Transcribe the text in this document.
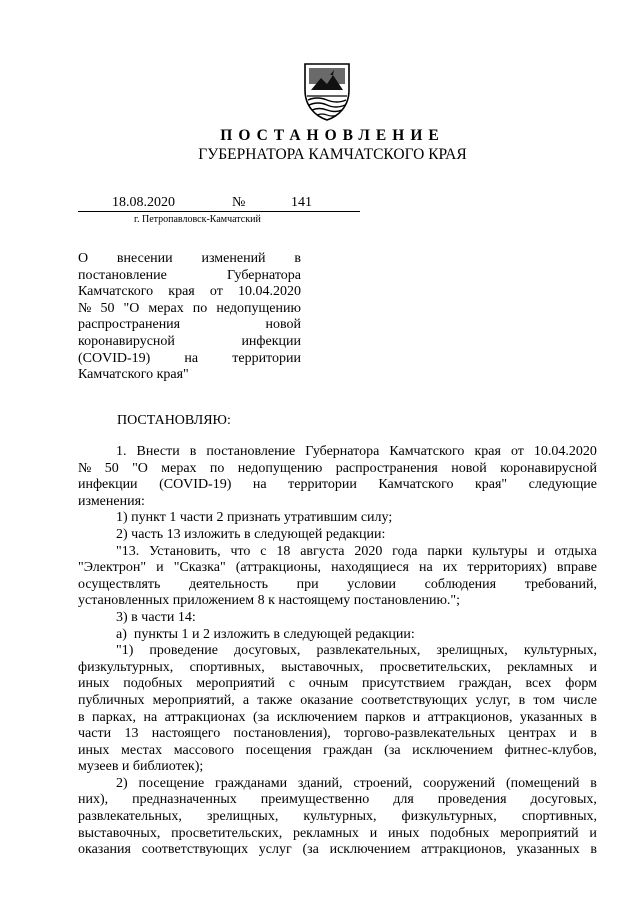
ПОСТАНОВЛЕНИЕ
ГУБЕРНАТОРА КАМЧАТСКОГО КРАЯ
18.08.2020	№	141
г. Петропавловск-Камчатский
О внесении изменений в
постановление	Губернатора
Камчатского края от 10.04.2020
№ 50 "О мерах по недопущению
распространения	новой
коронавирусной	инфекции
(COVID-19) на территории
Камчатского края"
ПОСТАНОВЛЯЮ:
1. Внести в постановление Губернатора Камчатского края от 10.04.2020
№ 50 "О мерах по недопущению распространения новой коронавирусной
инфекции (COVID-19) на территории Камчатского края" следующие
изменения:
1) пункт 1 части 2 признать утратившим силу;
2) часть 13 изложить в следующей редакции:
"13. Установить, что с 18 августа 2020 года парки культуры и отдыха
"Электрон" и "Сказка" (аттракционы, находящиеся на их территориях) вправе
осуществлять деятельность при условии соблюдения требований,
установленных приложением 8 к настоящему постановлению.";
3) в части 14:
а)  пункты 1 и 2 изложить в следующей редакции:
"1) проведение досуговых, развлекательных, зрелищных, культурных,
физкультурных, спортивных, выставочных, просветительских, рекламных и
иных подобных мероприятий с очным присутствием граждан, всех форм
публичных мероприятий, а также оказание соответствующих услуг, в том числе
в парках, на аттракционах (за исключением парков и аттракционов, указанных в
части 13 настоящего постановления), торгово-развлекательных центрах и в
иных местах массового посещения граждан (за исключением фитнес-клубов,
музеев и библиотек);
2) посещение гражданами зданий, строений, сооружений (помещений в
них), предназначенных преимущественно для проведения досуговых,
развлекательных, зрелищных, культурных, физкультурных, спортивных,
выставочных, просветительских, рекламных и иных подобных мероприятий и
оказания соответствующих услуг (за исключением аттракционов, указанных в
